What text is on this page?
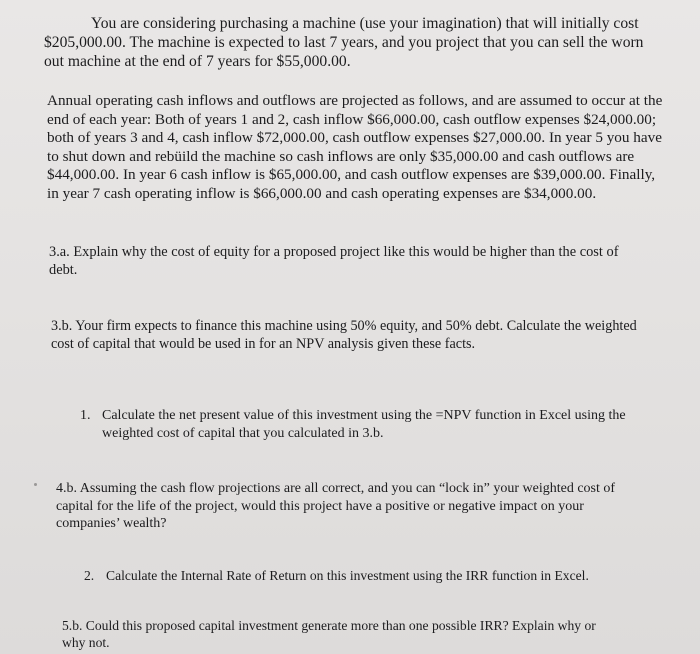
You are considering purchasing a machine (use your imagination) that will initially cost $205,000.00. The machine is expected to last 7 years, and you project that you can sell the worn out machine at the end of 7 years for $55,000.00.

Annual operating cash inflows and outflows are projected as follows, and are assumed to occur at the end of each year: Both of years 1 and 2, cash inflow $66,000.00, cash outflow expenses $24,000.00; both of years 3 and 4, cash inflow $72,000.00, cash outflow expenses $27,000.00. In year 5 you have to shut down and rebüild the machine so cash inflows are only $35,000.00 and cash outflows are $44,000.00. In year 6 cash inflow is $65,000.00, and cash outflow expenses are $39,000.00. Finally, in year 7 cash operating inflow is $66,000.00 and cash operating expenses are $34,000.00.

3.a. Explain why the cost of equity for a proposed project like this would be higher than the cost of debt.

3.b. Your firm expects to finance this machine using 50% equity, and 50% debt. Calculate the weighted cost of capital that would be used in for an NPV analysis given these facts.

1. Calculate the net present value of this investment using the =NPV function in Excel using the weighted cost of capital that you calculated in 3.b.

4.b. Assuming the cash flow projections are all correct, and you can “lock in” your weighted cost of capital for the life of the project, would this project have a positive or negative impact on your companies’ wealth?

2. Calculate the Internal Rate of Return on this investment using the IRR function in Excel.

5.b. Could this proposed capital investment generate more than one possible IRR? Explain why or why not.
